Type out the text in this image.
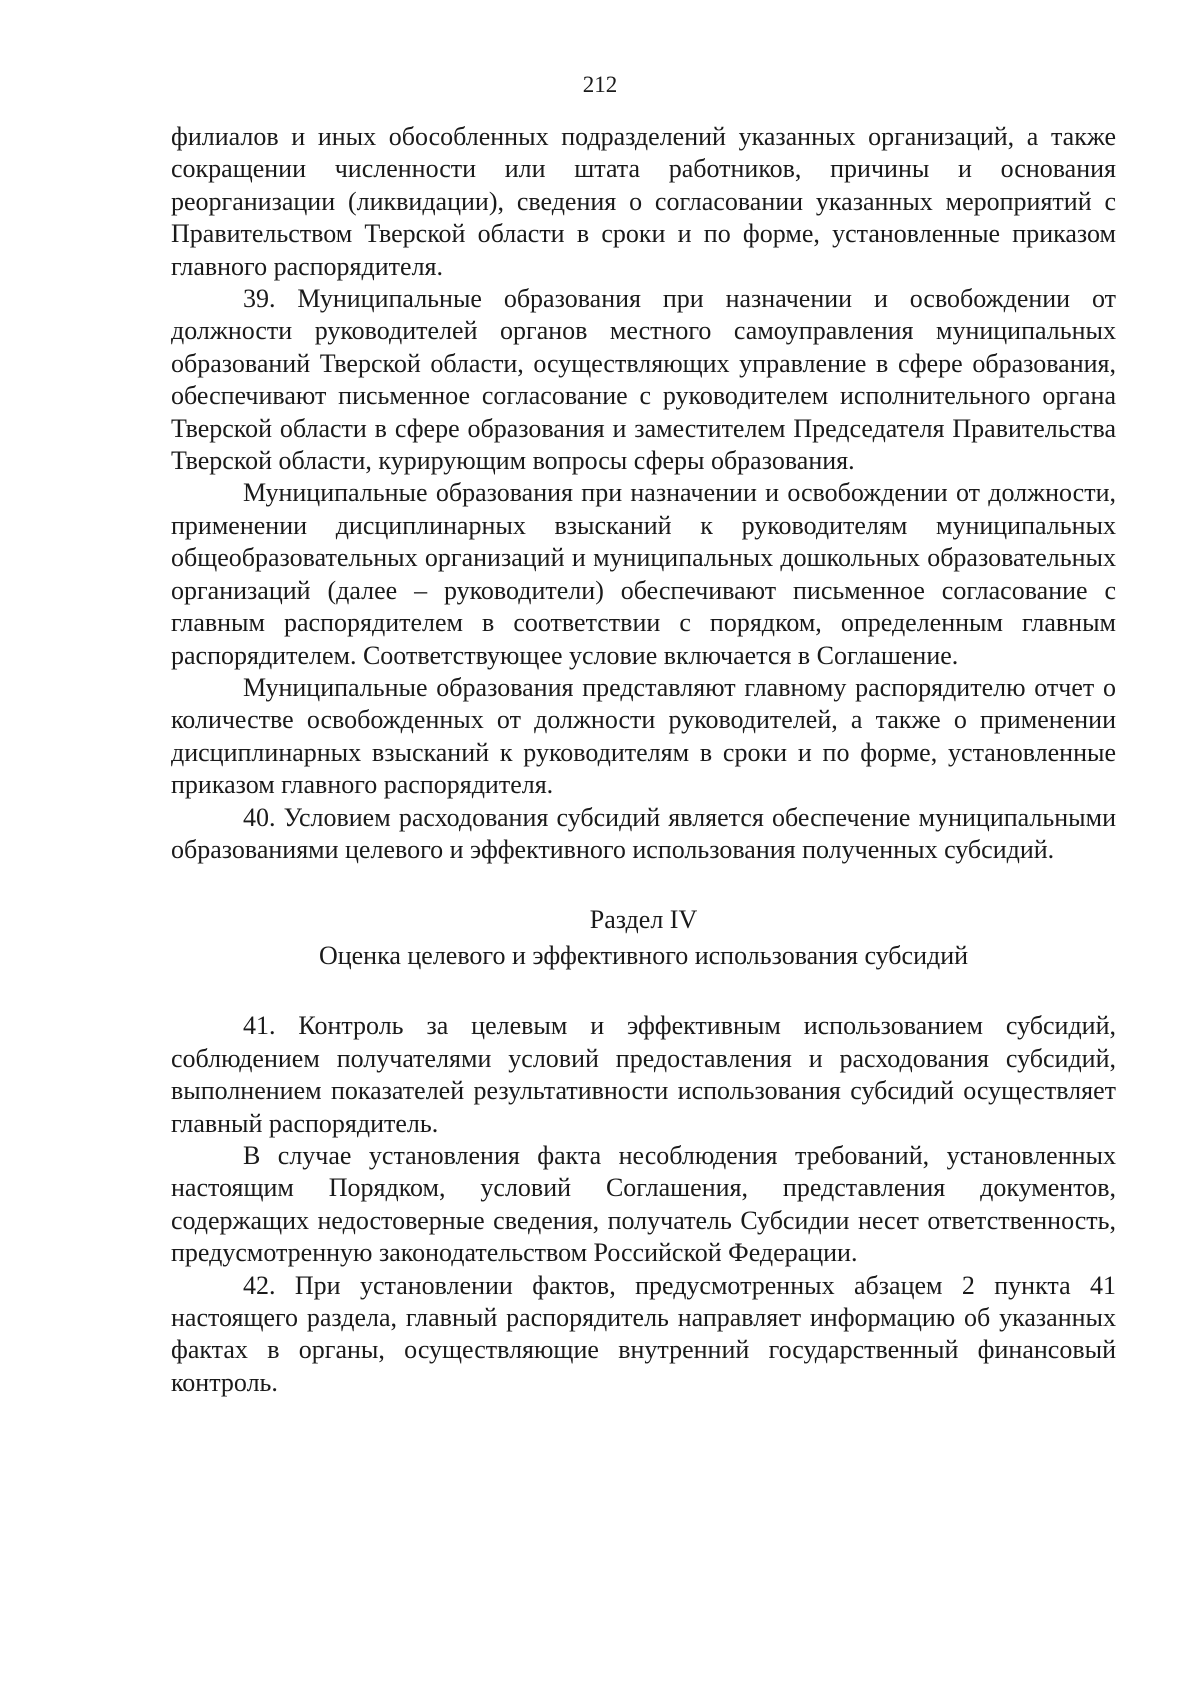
212

филиалов и иных обособленных подразделений указанных организаций, а также сокращении численности или штата работников, причины и основания реорганизации (ликвидации), сведения о согласовании указанных мероприятий с Правительством Тверской области в сроки и по форме, установленные приказом главного распорядителя.

39. Муниципальные образования при назначении и освобождении от должности руководителей органов местного самоуправления муниципальных образований Тверской области, осуществляющих управление в сфере образования, обеспечивают письменное согласование с руководителем исполнительного органа Тверской области в сфере образования и заместителем Председателя Правительства Тверской области, курирующим вопросы сферы образования.

Муниципальные образования при назначении и освобождении от должности, применении дисциплинарных взысканий к руководителям муниципальных общеобразовательных организаций и муниципальных дошкольных образовательных организаций (далее – руководители) обеспечивают письменное согласование с главным распорядителем в соответствии с порядком, определенным главным распорядителем. Соответствующее условие включается в Соглашение.

Муниципальные образования представляют главному распорядителю отчет о количестве освобожденных от должности руководителей, а также о применении дисциплинарных взысканий к руководителям в сроки и по форме, установленные приказом главного распорядителя.

40. Условием расходования субсидий является обеспечение муниципальными образованиями целевого и эффективного использования полученных субсидий.

Раздел IV

Оценка целевого и эффективного использования субсидий

41. Контроль за целевым и эффективным использованием субсидий, соблюдением получателями условий предоставления и расходования субсидий, выполнением показателей результативности использования субсидий осуществляет главный распорядитель.

В случае установления факта несоблюдения требований, установленных настоящим Порядком, условий Соглашения, представления документов, содержащих недостоверные сведения, получатель Субсидии несет ответственность, предусмотренную законодательством Российской Федерации.

42. При установлении фактов, предусмотренных абзацем 2 пункта 41 настоящего раздела, главный распорядитель направляет информацию об указанных фактах в органы, осуществляющие внутренний государственный финансовый контроль.
